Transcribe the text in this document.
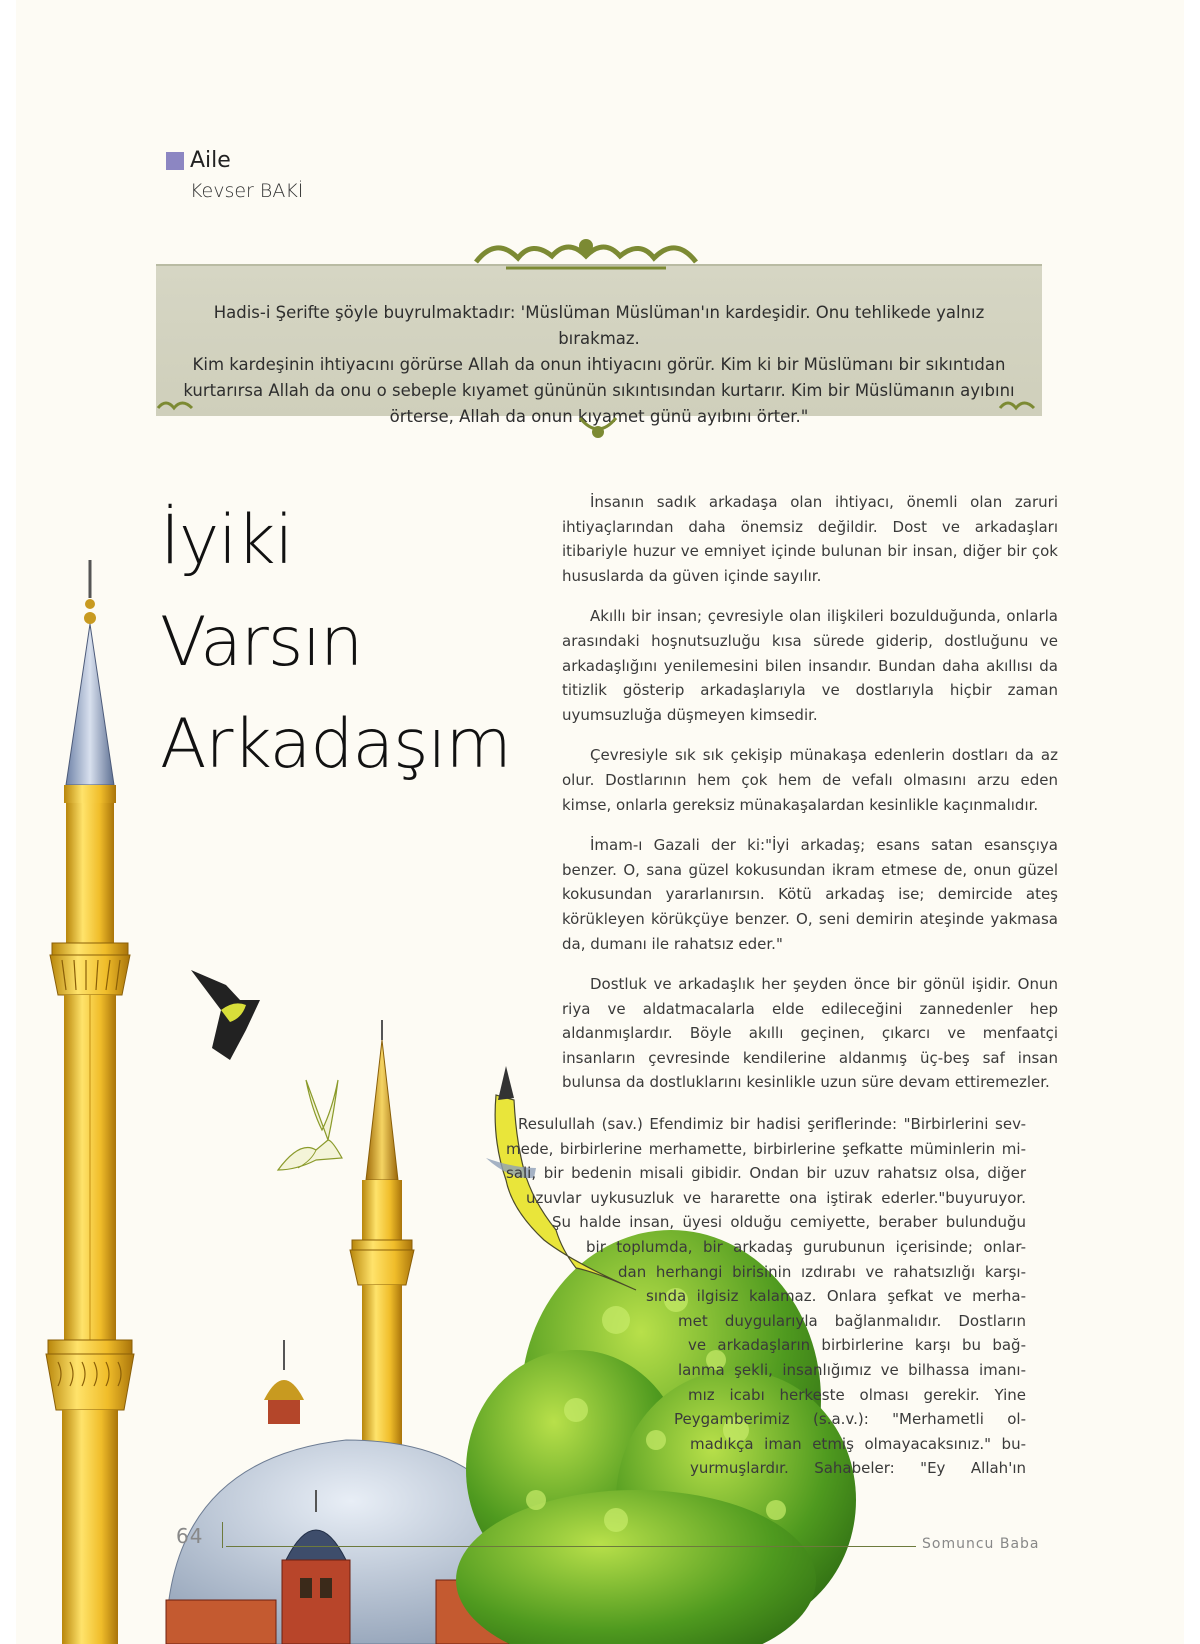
Aile
Kevser BAKİ
Hadis-i Şerifte şöyle buyrulmaktadır: 'Müslüman Müslüman'ın kardeşidir. Onu tehlikede yalnız bırakmaz.
Kim kardeşinin ihtiyacını görürse Allah da onun ihtiyacını görür. Kim ki bir Müslümanı bir sıkıntıdan
kurtarırsa Allah da onu o sebeple kıyamet gününün sıkıntısından kurtarır. Kim bir Müslümanın ayıbını
örterse, Allah da onun kıyamet günü ayıbını örter."
İyiki
Varsın
Arkadaşım

İnsanın sadık arkadaşa olan ihtiyacı, önemli olan zaruri ihtiyaçlarından daha önemsiz değildir. Dost ve arkadaşları itibariyle huzur ve emniyet içinde bulunan bir insan, diğer bir çok hususlarda da güven içinde sayılır.

Akıllı bir insan; çevresiyle olan ilişkileri bozulduğunda, onlarla arasındaki hoşnutsuzluğu kısa sürede giderip, dostluğunu ve arkadaşlığını yenilemesini bilen insandır. Bundan daha akıllısı da titizlik gösterip arkadaşlarıyla ve dostlarıyla hiçbir zaman uyumsuzluğa düşmeyen kimsedir.

Çevresiyle sık sık çekişip münakaşa edenlerin dostları da az olur. Dostlarının hem çok hem de vefalı olmasını arzu eden kimse, onlarla gereksiz münakaşalardan kesinlikle kaçınmalıdır.

İmam-ı Gazali der ki:"İyi arkadaş; esans satan esansçıya benzer. O, sana güzel kokusundan ikram etmese de, onun güzel kokusundan yararlanırsın. Kötü arkadaş ise; demircide ateş körükleyen körükçüye benzer. O, seni demirin ateşinde yakmasa da, dumanı ile rahatsız eder."

Dostluk ve arkadaşlık her şeyden önce bir gönül işidir. Onun riya ve aldatmacalarla elde edileceğini zannedenler hep aldanmışlardır. Böyle akıllı geçinen, çıkarcı ve menfaatçi insanların çevresinde kendilerine aldanmış üç-beş saf insan bulunsa da dostluklarını kesinlikle uzun süre devam ettiremezler.

Resulullah (sav.) Efendimiz bir hadisi şeriflerinde: "Birbirlerini sev-
mede, birbirlerine merhamette, birbirlerine şefkatte müminlerin mi-
sali, bir bedenin misali gibidir. Ondan bir uzuv rahatsız olsa, diğer
uzuvlar uykusuzluk ve hararette ona iştirak ederler."buyuruyor.
Şu halde insan, üyesi olduğu cemiyette, beraber bulunduğu
bir toplumda, bir arkadaş gurubunun içerisinde; onlar-
dan herhangi birisinin ızdırabı ve rahatsızlığı karşı-
sında ilgisiz kalamaz. Onlara şefkat ve merha-
met duygularıyla bağlanmalıdır. Dostların
ve arkadaşların birbirlerine karşı bu bağ-
lanma şekli, insanlığımız ve bilhassa imanı-
mız icabı herkeste olması gerekir. Yine
Peygamberimiz (s.a.v.): "Merhametli ol-
madıkça iman etmiş olmayacaksınız." bu-
yurmuşlardır. Sahabeler: "Ey Allah'ın
64	Somuncu Baba
